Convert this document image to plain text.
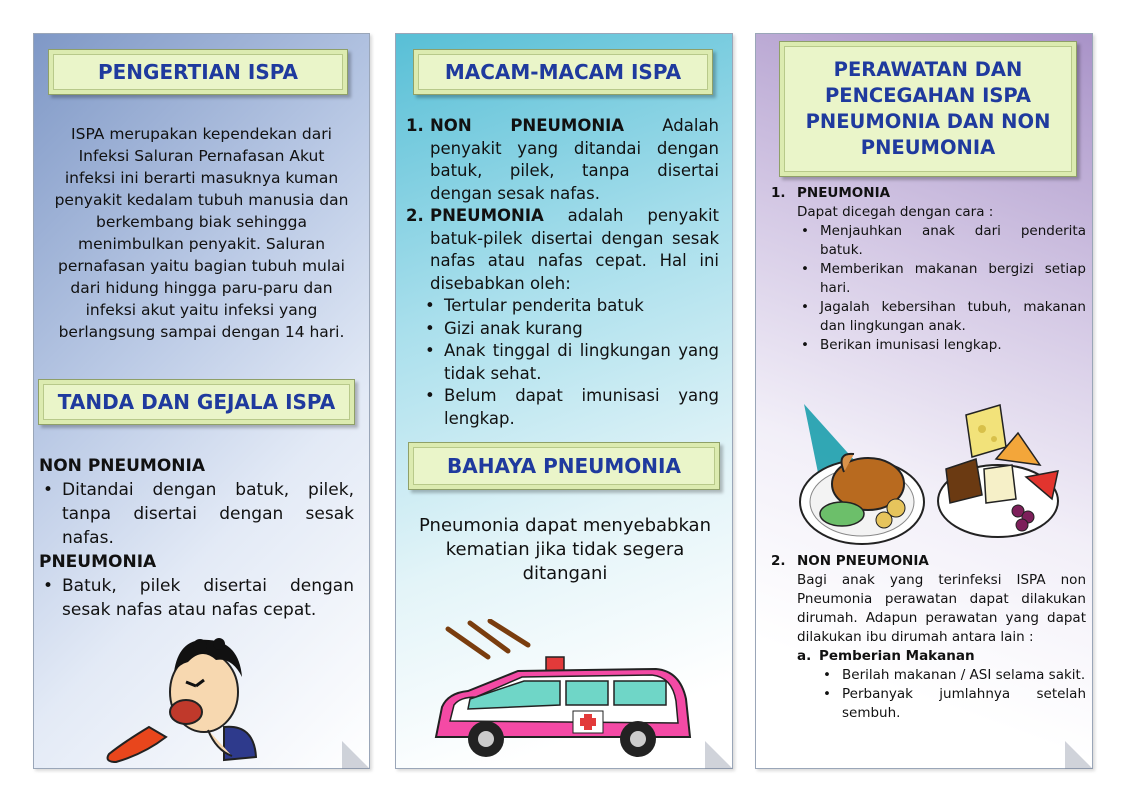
PENGERTIAN ISPA
ISPA merupakan kependekan dari
Infeksi Saluran Pernafasan Akut
infeksi ini berarti masuknya kuman
penyakit kedalam tubuh manusia dan
berkembang biak sehingga
menimbulkan penyakit. Saluran
pernafasan yaitu bagian tubuh mulai
dari hidung hingga paru-paru dan
infeksi akut yaitu infeksi yang
berlangsung sampai dengan 14 hari.
TANDA DAN GEJALA ISPA
NON PNEUMONIA
• Ditandai dengan batuk, pilek, tanpa disertai dengan sesak nafas.
PNEUMONIA
• Batuk, pilek disertai dengan sesak nafas atau nafas cepat.
MACAM-MACAM ISPA
1. NON PNEUMONIA Adalah penyakit yang ditandai dengan batuk, pilek, tanpa disertai dengan sesak nafas.
2. PNEUMONIA adalah penyakit batuk-pilek disertai dengan sesak nafas atau nafas cepat. Hal ini disebabkan oleh:
• Tertular penderita batuk
• Gizi anak kurang
• Anak tinggal di lingkungan yang tidak sehat.
• Belum dapat imunisasi yang lengkap.
BAHAYA PNEUMONIA
Pneumonia dapat menyebabkan kematian jika tidak segera ditangani
PERAWATAN DAN
PENCEGAHAN ISPA
PNEUMONIA DAN NON
PNEUMONIA
1. PNEUMONIA
Dapat dicegah dengan cara :
• Menjauhkan anak dari penderita batuk.
• Memberikan makanan bergizi setiap hari.
• Jagalah kebersihan tubuh, makanan dan lingkungan anak.
• Berikan imunisasi lengkap.
2. NON PNEUMONIA
Bagi anak yang terinfeksi ISPA non Pneumonia perawatan dapat dilakukan dirumah. Adapun perawatan yang dapat dilakukan ibu dirumah antara lain :
a. Pemberian Makanan
• Berilah makanan / ASI selama sakit.
• Perbanyak jumlahnya setelah sembuh.
